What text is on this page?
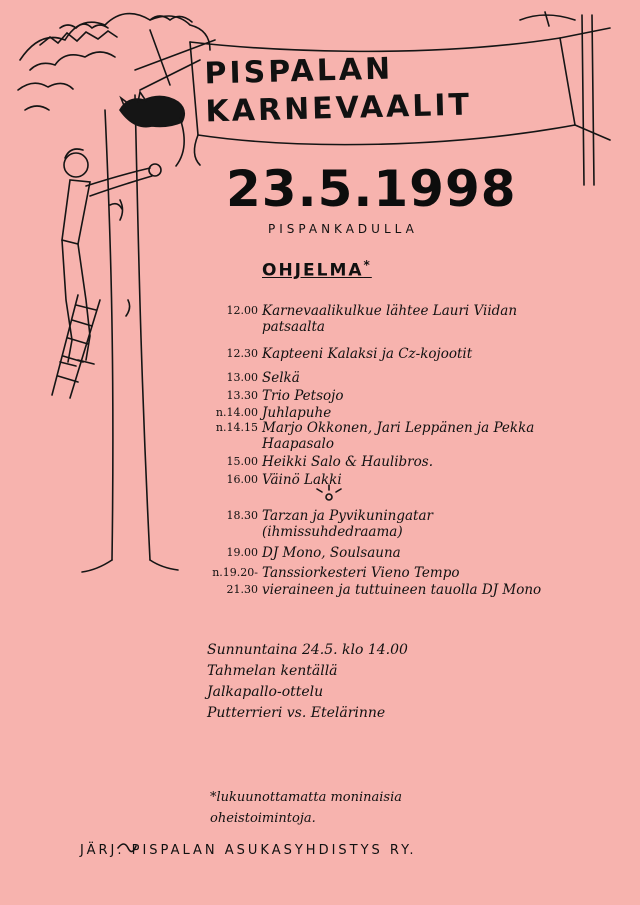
PISPALAN
KARNEVAALIT
23.5.1998
PISPANKADULLA
OHJELMA*
12.00 Karnevaalikulkue lähtee Lauri Viidan patsaalta
12.30 Kapteeni Kalaksi ja Cz-kojootit
13.00 Selkä
13.30 Trio Petsojo
n.14.00 Juhlapuhe
n.14.15 Marjo Okkonen, Jari Leppänen ja Pekka Haapasalo
15.00 Heikki Salo & Haulibros.
16.00 Väinö Lakki
18.30 Tarzan ja Pyvikuningatar (ihmissuhdedraama)
19.00 DJ Mono, Soulsauna
n.19.20- Tanssiorkesteri Vieno Tempo
21.30 vieraineen ja tuttuineen tauolla DJ Mono
Sunnuntaina 24.5. klo 14.00
Tahmelan kentällä
Jalkapallo-ottelu
Putterrieri vs. Etelärinne
*lukuunottamatta moninaisia
oheistoimintoja.
JÄRJ. PISPALAN ASUKASYHDISTYS RY.
